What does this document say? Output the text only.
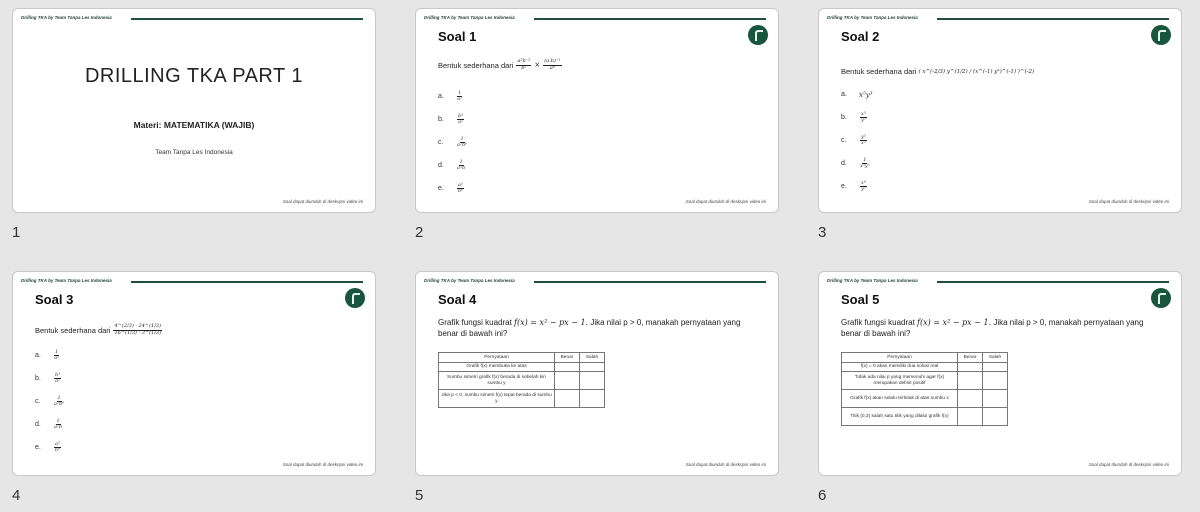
Drilling TKA by Team Tanpa Les Indonesia
DRILLING TKA PART 1
Materi: MATEMATIKA (WAJIB)
Team Tanpa Les Indonesia
Soal dapat diunduh di deskripsi video ini
1
Drilling TKA by Team Tanpa Les Indonesia
Soal 1
Bentuk sederhana dari $\frac{\text{a²b⁻²}}{\text{b³}} \times \frac{\text{(a.b)⁻¹}}{\text{a⁴}}$
a.	$\frac{1}{\text{a²}}$
b.	$\frac{\text{b³}}{\text{a²}}$
c.	$\frac{1}{\text{a²b⁶}}$
d.	$\frac{1}{\text{a²b}}$
e.	$\frac{\text{a²}}{\text{b⁶}}$
Soal dapat diunduh di deskripsi video ini
2
Drilling TKA by Team Tanpa Les Indonesia
Soal 2
Bentuk sederhana dari ( x^(-2/3) y^(1/2) / (x^(-1) y²)^(-1) )^(-2)
a.	x⁵y³
b.	$\frac{\text{x⁵}}{\text{y⁵}}$
c.	$\frac{\text{y⁵}}{\text{x⁵}}$
d.	$\frac{1}{\text{x⁵y³}}$
e.	$\frac{\text{x⁴}}{\text{y⁵}}$
Soal dapat diunduh di deskripsi video ini
3
Drilling TKA by Team Tanpa Les Indonesia
Soal 3
Bentuk sederhana dari $\frac{4\^{}(2/3) \cdot 24\^{}(1/3)}{16\^{}(1/3) \cdot 3\^{}(1/3)}$
a.	$\frac{1}{\text{a²}}$
b.	$\frac{\text{b³}}{\text{a²}}$
c.	$\frac{1}{\text{a²b⁶}}$
d.	$\frac{1}{\text{a²b}}$
e.	$\frac{\text{a²}}{\text{b⁶}}$
Soal dapat diunduh di deskripsi video ini
4
Drilling TKA by Team Tanpa Les Indonesia
Soal 4
Grafik fungsi kuadrat f(x) = x² − px − 1. Jika nilai p > 0, manakah pernyataan yang benar di bawah ini?
Pernyataan	Benar	Salah
Grafik f(x) membuka ke atas		
Sumbu simetri grafik f(x) berada di sebelah kiri sumbu y		
Jika p < 0, sumbu simetri f(x) tepat berada di sumbu y		
Soal dapat diunduh di deskripsi video ini
5
Drilling TKA by Team Tanpa Les Indonesia
Soal 5
Grafik fungsi kuadrat f(x) = x² − px − 1. Jika nilai p > 0, manakah pernyataan yang benar di bawah ini?
Pernyataan	Benar	Salah
f(x) = 0 akan memiliki dua solusi real		
Tidak ada nilai p yang memenuhi agar f(x) merupakan definit positif		
Grafik f(x) akan selalu terletak di atas sumbu x		
Titik (0,3) salah satu titik yang dilalui grafik f(x)		
Soal dapat diunduh di deskripsi video ini
6
